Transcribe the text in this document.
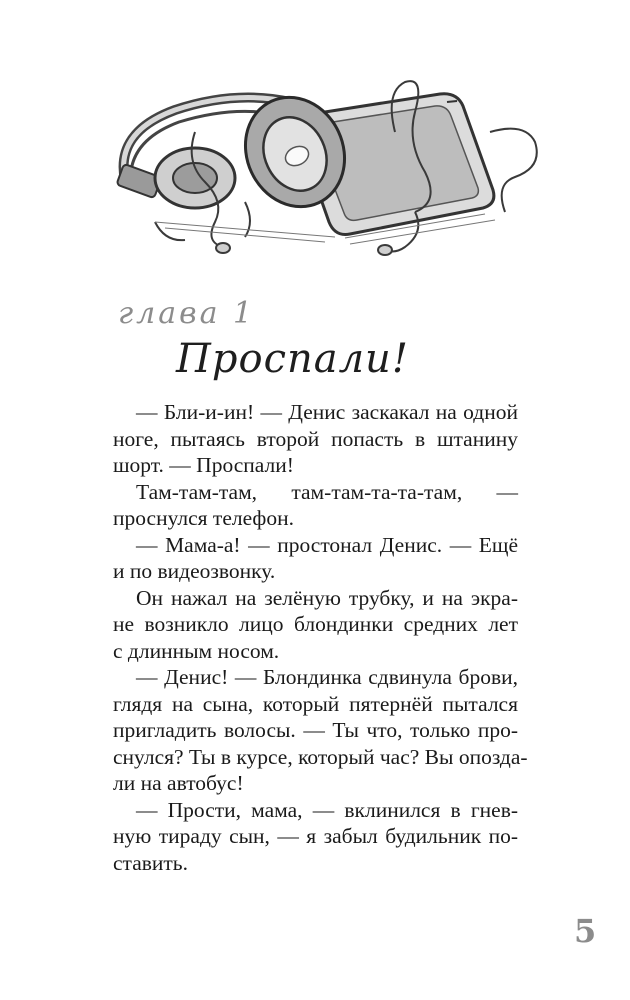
глава 1
Проспали!

— Бли-и-ин! — Денис заскакал на одной
ноге, пытаясь второй попасть в штанину
шорт. — Проспали!

Там-там-там, там-там-та-та-там, —
проснулся телефон.

— Мама-а! — простонал Денис. — Ещё
и по видеозвонку.

Он нажал на зелёную трубку, и на экра-
не возникло лицо блондинки средних лет
с длинным носом.

— Денис! — Блондинка сдвинула брови,
глядя на сына, который пятернёй пытался
пригладить волосы. — Ты что, только про-
снулся? Ты в курсе, который час? Вы опозда-
ли на автобус!

— Прости, мама, — вклинился в гнев-
ную тираду сын, — я забыл будильник по-
ставить.

5
